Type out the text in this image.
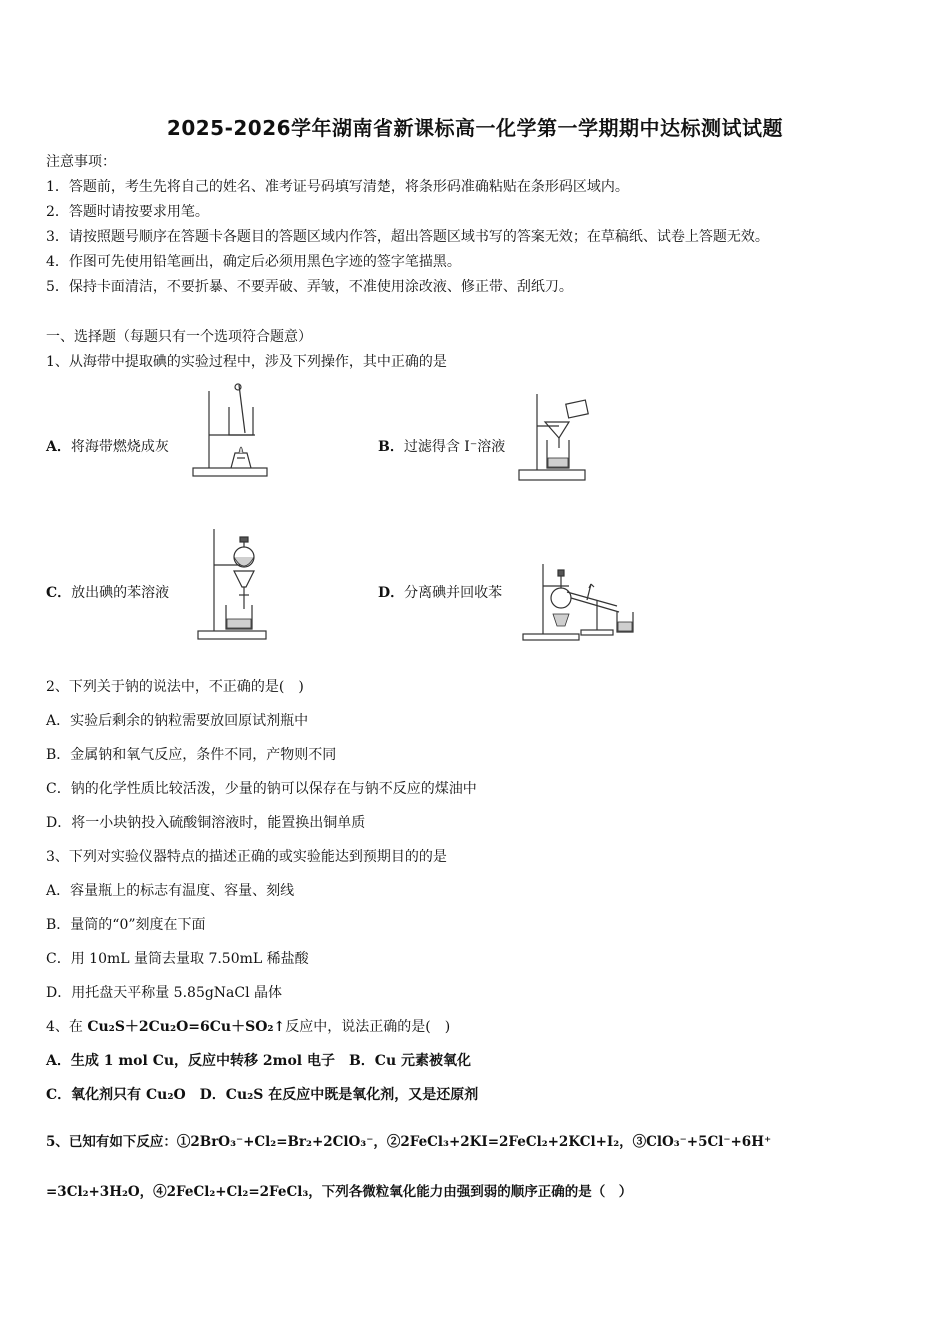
2025-2026学年湖南省新课标高一化学第一学期期中达标测试试题
注意事项：
1．答题前，考生先将自己的姓名、准考证号码填写清楚，将条形码准确粘贴在条形码区域内。
2．答题时请按要求用笔。
3．请按照题号顺序在答题卡各题目的答题区域内作答，超出答题区域书写的答案无效；在草稿纸、试卷上答题无效。
4．作图可先使用铅笔画出，确定后必须用黑色字迹的签字笔描黑。
5．保持卡面清洁，不要折暴、不要弄破、弄皱，不准使用涂改液、修正带、刮纸刀。
一、选择题（每题只有一个选项符合题意）
1、从海带中提取碘的实验过程中，涉及下列操作，其中正确的是
A．将海带燃烧成灰	B．过滤得含 I⁻溶液
C．放出碘的苯溶液	D．分离碘并回收苯
2、下列关于钠的说法中，不正确的是(　)
A．实验后剩余的钠粒需要放回原试剂瓶中
B．金属钠和氧气反应，条件不同，产物则不同
C．钠的化学性质比较活泼，少量的钠可以保存在与钠不反应的煤油中
D．将一小块钠投入硫酸铜溶液时，能置换出铜单质
3、下列对实验仪器特点的描述正确的或实验能达到预期目的的是
A．容量瓶上的标志有温度、容量、刻线
B．量筒的“0”刻度在下面
C．用 10mL 量筒去量取 7.50mL 稀盐酸
D．用托盘天平称量 5.85gNaCl 晶体
4、在 Cu₂S＋2Cu₂O=6Cu＋SO₂↑反应中，说法正确的是(　)
A．生成 1 mol Cu，反应中转移 2mol 电子　B．Cu 元素被氧化
C．氧化剂只有 Cu₂O　D．Cu₂S 在反应中既是氧化剂，又是还原剂
5、已知有如下反应：①2BrO₃⁻+Cl₂=Br₂+2ClO₃⁻，②2FeCl₃+2KI=2FeCl₂+2KCl+I₂，③ClO₃⁻+5Cl⁻+6H⁺
=3Cl₂+3H₂O，④2FeCl₂+Cl₂=2FeCl₃，下列各微粒氧化能力由强到弱的顺序正确的是（　）
